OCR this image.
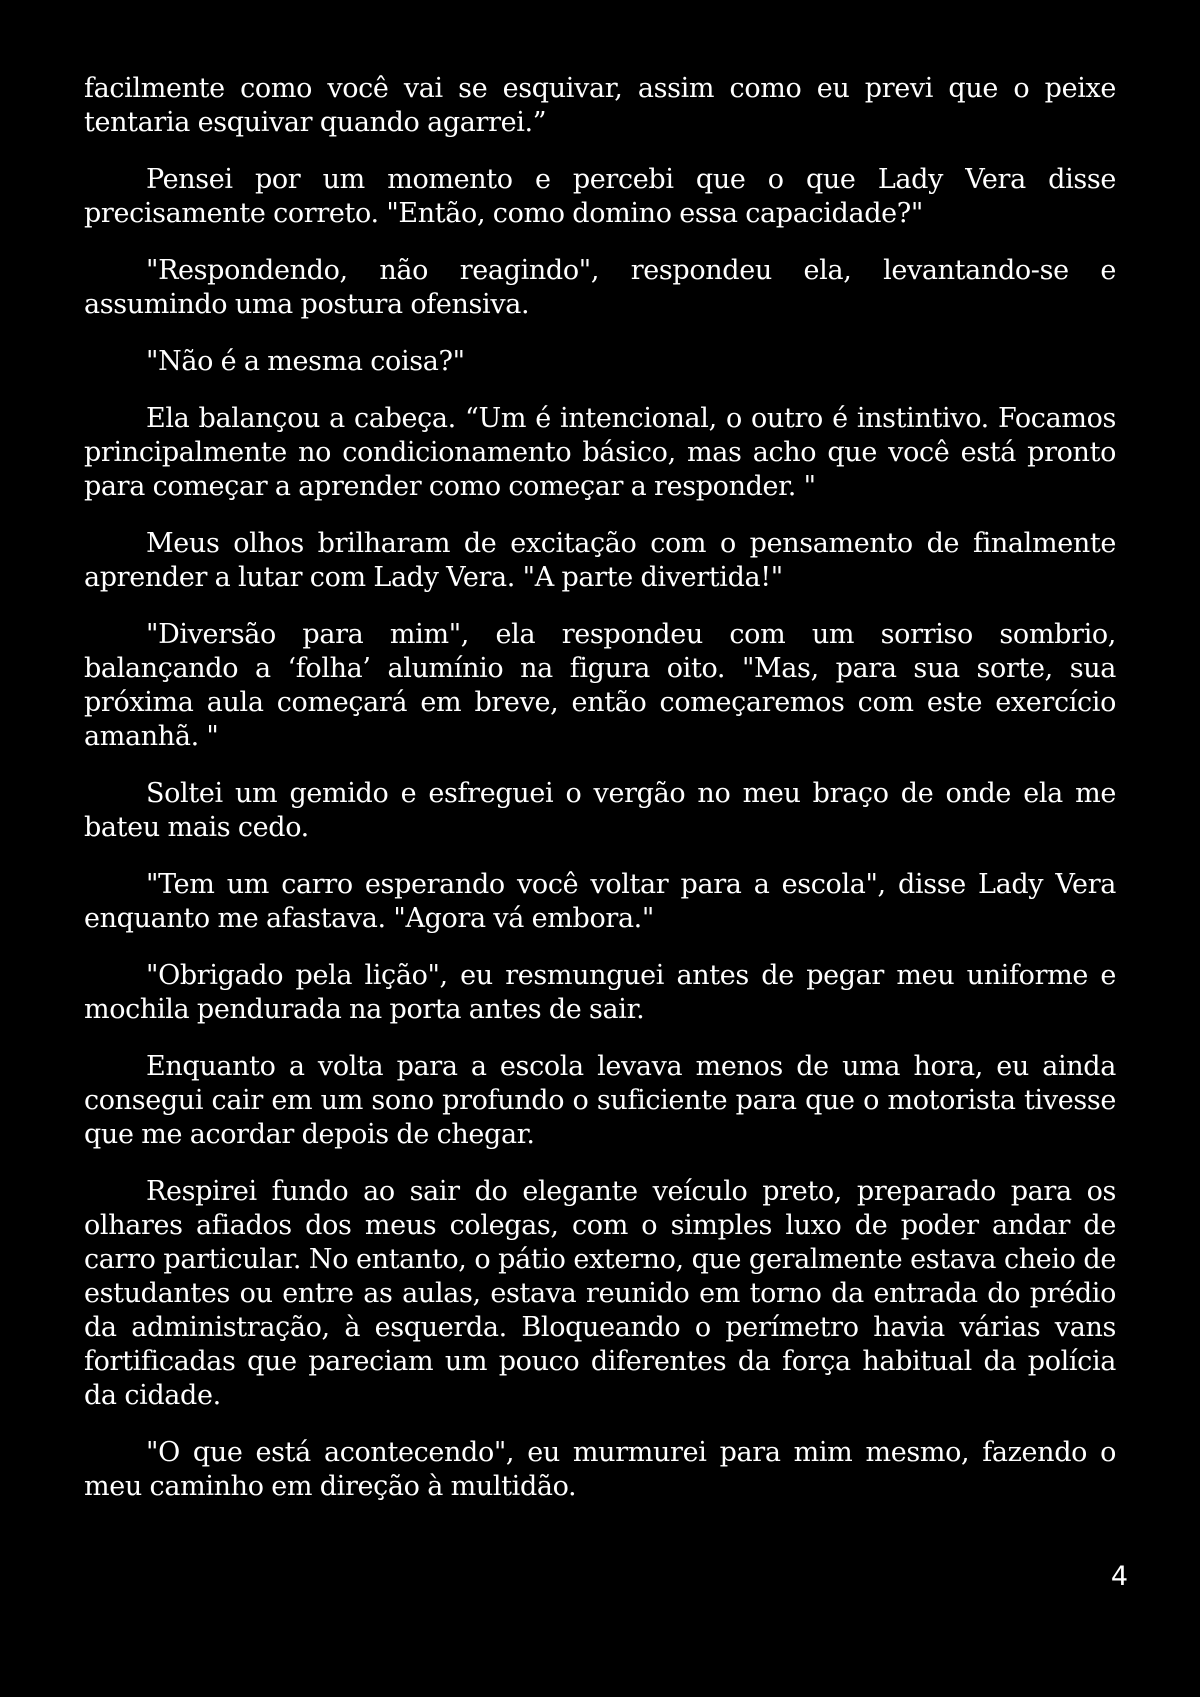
facilmente como você vai se esquivar, assim como eu previ que o peixe tentaria esquivar quando agarrei.”

Pensei por um momento e percebi que o que Lady Vera disse precisamente correto. "Então, como domino essa capacidade?"

"Respondendo, não reagindo", respondeu ela, levantando-se e assumindo uma postura ofensiva.

"Não é a mesma coisa?"

Ela balançou a cabeça. “Um é intencional, o outro é instintivo. Focamos principalmente no condicionamento básico, mas acho que você está pronto para começar a aprender como começar a responder. "

Meus olhos brilharam de excitação com o pensamento de finalmente aprender a lutar com Lady Vera. "A parte divertida!"

"Diversão para mim", ela respondeu com um sorriso sombrio, balançando a ‘folha’ alumínio na figura oito. "Mas, para sua sorte, sua próxima aula começará em breve, então começaremos com este exercício amanhã. "

Soltei um gemido e esfreguei o vergão no meu braço de onde ela me bateu mais cedo.

"Tem um carro esperando você voltar para a escola", disse Lady Vera enquanto me afastava. "Agora vá embora."

"Obrigado pela lição", eu resmunguei antes de pegar meu uniforme e mochila pendurada na porta antes de sair.

Enquanto a volta para a escola levava menos de uma hora, eu ainda consegui cair em um sono profundo o suficiente para que o motorista tivesse que me acordar depois de chegar.

Respirei fundo ao sair do elegante veículo preto, preparado para os olhares afiados dos meus colegas, com o simples luxo de poder andar de carro particular. No entanto, o pátio externo, que geralmente estava cheio de estudantes ou entre as aulas, estava reunido em torno da entrada do prédio da administração, à esquerda. Bloqueando o perímetro havia várias vans fortificadas que pareciam um pouco diferentes da força habitual da polícia da cidade.

"O que está acontecendo", eu murmurei para mim mesmo, fazendo o meu caminho em direção à multidão.

4
